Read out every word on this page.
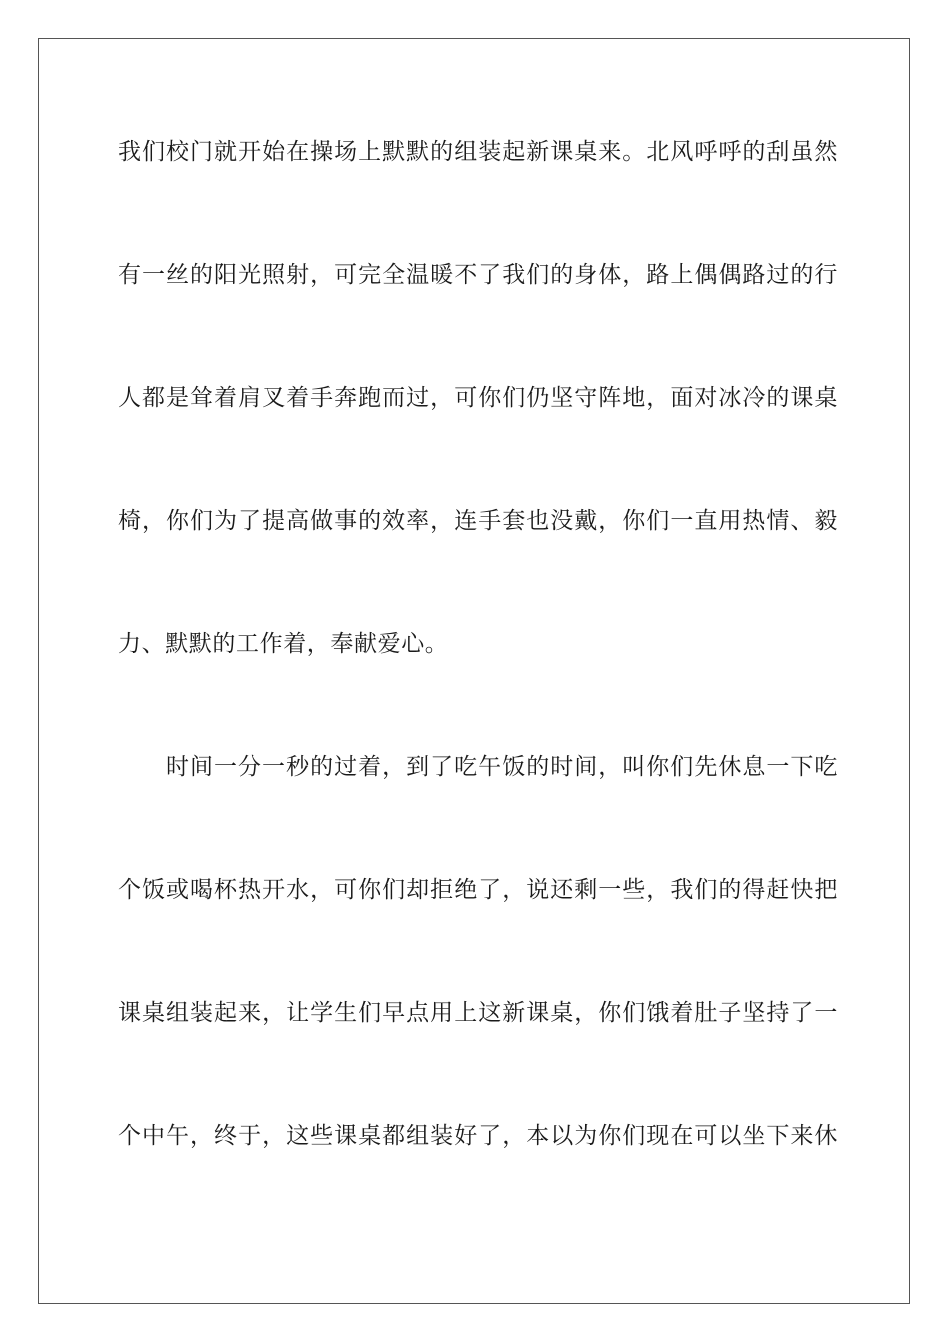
我们校门就开始在操场上默默的组装起新课桌来。北风呼呼的刮虽然
有一丝的阳光照射，可完全温暖不了我们的身体，路上偶偶路过的行
人都是耸着肩叉着手奔跑而过，可你们仍坚守阵地，面对冰冷的课桌
椅，你们为了提高做事的效率，连手套也没戴，你们一直用热情、毅
力、默默的工作着，奉献爱心。
时间一分一秒的过着，到了吃午饭的时间，叫你们先休息一下吃
个饭或喝杯热开水，可你们却拒绝了，说还剩一些，我们的得赶快把
课桌组装起来，让学生们早点用上这新课桌，你们饿着肚子坚持了一
个中午，终于，这些课桌都组装好了，本以为你们现在可以坐下来休
